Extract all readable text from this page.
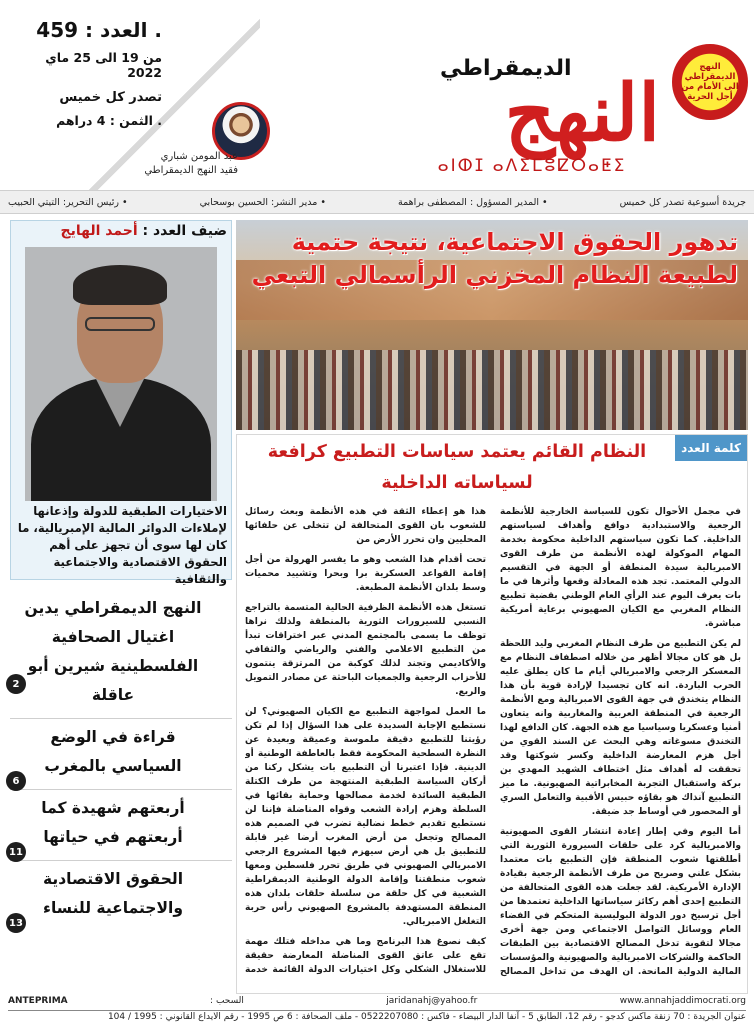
. العدد : 459
من 19 الى 25 ماي 2022
تصدر كل خميس
. الثمن : 4 دراهم
عبد المومن شباري
فقيد النهج الديمقراطي
الديمقراطي
النهج
ⴰⵏⵀⵊ ⴰⴷⵉⵎⵓⵇⵔⴰⵟⵉ
النهج الديمقراطي الى الأمام من أجل الحرية
جريدة أسبوعية تصدر كل خميس
• المدير المسؤول : المصطفى براهمة
• مدير النشر: الحسين بوسحابي
• رئيس التحرير: التيتي الحبيب
ضيف العدد : أحمد الهايج
الاختيارات الطبقية للدولة وإذعانها لإملاءات الدوائر المالية الإمبريالية، ما كان لها سوى أن تجهز على أهم الحقوق الاقتصادية والاجتماعية والثقافية
النهج الديمقراطي يدين اغتيال الصحافية الفلسطينية شيرين أبو عاقلة
2
قراءة في الوضع السياسي بالمغرب
6
أربعتهم شهيدة كما أربعتهم في حياتها
11
الحقوق الاقتصادية والاجتماعية للنساء
13
تدهور الحقوق الاجتماعية، نتيجة حتمية لطبيعة النظام المخزني الرأسمالي التبعي
كلمة العدد
النظام القائم يعتمد سياسات التطبيع كرافعة لسياساته الداخلية

في مجمل الأحوال تكون للسياسة الخارجية للأنظمة الرجعية والاستبدادية دوافع وأهداف لسياستهم الداخلية. كما تكون سياستهم الداخلية محكومة بخدمة المهام الموكولة لهذه الأنظمة من طرف القوى الامبريالية سيدة المنطقة أو الجهة في التقسيم الدولي المعتمد. تجد هذه المعادلة وقعها وأثرها في ما بات يعرف اليوم عند الرأي العام الوطني بقضية تطبيع النظام المغربي مع الكيان الصهيوني برعاية أمريكية مباشرة.

لم يكن التطبيع من طرف النظام المغربي وليد اللحظة بل هو كان مجالا أظهر من خلاله اصطفاف النظام مع المعسكر الرجعي والامبريالي أيام ما كان يطلق عليه الحرب الباردة. انه كان تجسيدا لإرادة قوية بأن هذا النظام يتخندق في جهة القوى الامبريالية ومع الأنظمة الرجعية في المنطقة العربية والمغاربية وانه يتعاون أمنيا وعسكريا وسياسيا مع هذه الجهة. كان الدافع لهذا التخندق مسوغاته وهي البحث عن السند القوي من أجل هزم المعارضة الداخلية وكسر شوكتها وقد تحققت له أهداف مثل اختطاف الشهيد المهدي بن بركة واستقبال التجربة المخابراتية الصهيونية. ما ميز التطبيع آنذاك هو بقاؤه حبيس الأقبية والتعامل السري أو المحصور في أوساط جد ضيقة.

أما اليوم وفي إطار إعادة انتشار القوى الصهيونية والامبريالية كرد على حلقات السيرورة الثورية التي أطلقتها شعوب المنطقة فإن التطبيع بات معتمدا بشكل علني وصريح من طرف الأنظمة الرجعية بقيادة الإدارة الأمريكية. لقد جعلت هذه القوى المتحالفة من التطبيع إحدى أهم ركائز سياساتها الداخلية تعتمدها من أجل ترسيخ دور الدولة البوليسية المتحكم في الفضاء العام ووسائل التواصل الاجتماعي ومن جهة أخرى مجالا لتقوية تدخل المصالح الاقتصادية بين الطبقات الحاكمة والشركات الامبريالية والصهيونية والمؤسسات المالية الدولية المانحة. ان الهدف من تداخل المصالح هذا هو إعطاء الثقة في هذه الأنظمة وبعث رسائل للشعوب بان القوى المتحالفة لن تتخلى عن حلفائها المحليين وان تحرر الأرض من

تحت أقدام هذا الشعب وهو ما يفسر الهرولة من أجل إقامة القواعد العسكرية برا وبحرا وتشييد محميات وسط بلدان الأنظمة المطبعة.

تستغل هذه الأنظمة الظرفية الحالية المتسمة بالتراجع النسبي للسيرورات الثورية بالمنطقة ولذلك نراها توظف ما يسمى بالمجتمع المدني عبر اختراقات تبدأ من التطبيع الاعلامي والفني والرياضي والثقافي والأكاديمي وتجند لذلك كوكبة من المرتزقة ينتمون للأحزاب الرجعية والجمعيات الباحثة عن مصادر التمويل والريع.

ما العمل لمواجهة التطبيع مع الكيان الصهيوني؟ لن نستطيع الإجابة السديدة على هذا السؤال إذا لم تكن رؤيتنا للتطبيع دقيقة ملموسة وعميقة وبعيدة عن النظرة السطحية المحكومة فقط بالعاطفة الوطنية أو الدينية. فإذا اعتبرنا أن التطبيع بات يشكل ركنا من أركان السياسة الطبقية المنتهجة من طرف الكتلة الطبقية السائدة لخدمة مصالحها وحماية بقائها في السلطة وهزم إرادة الشعب وقواه المناضلة فإننا لن نستطيع تقديم خطط نضالية تضرب في الصميم هذه المصالح وتجعل من أرض المغرب أرضا غير قابلة للتطبيق بل هي أرض سيهزم فيها المشروع الرجعي الامبريالي الصهيوني في طريق تحرر فلسطين ومعها شعوب منطقتنا وإقامة الدولة الوطنية الديمقراطية الشعبية في كل حلقة من سلسلة حلقات بلدان هذه المنطقة المستهدفة بالمشروع الصهيوني رأس حربة التغلغل الامبريالي.

كيف نصوغ هذا البرنامج وما هي مداخله فتلك مهمة تقع على عاتق القوى المناضلة المعارضة حقيقة للاستغلال الشكلي وكل اختيارات الدولة القائمة خدمة

www.annahjaddimocrati.org
jaridanahj@yahoo.fr
السحب :
ANTEPRIMA
عنوان الجريدة : 70 زنقة ماكس كدجو - رقم 12، الطابق 5 - آنفا الدار البيضاء - فاكس : 0522207080 - ملف الصحافة : 6 ص 1995 - رقم الايداع القانوني : 1995 / 104
